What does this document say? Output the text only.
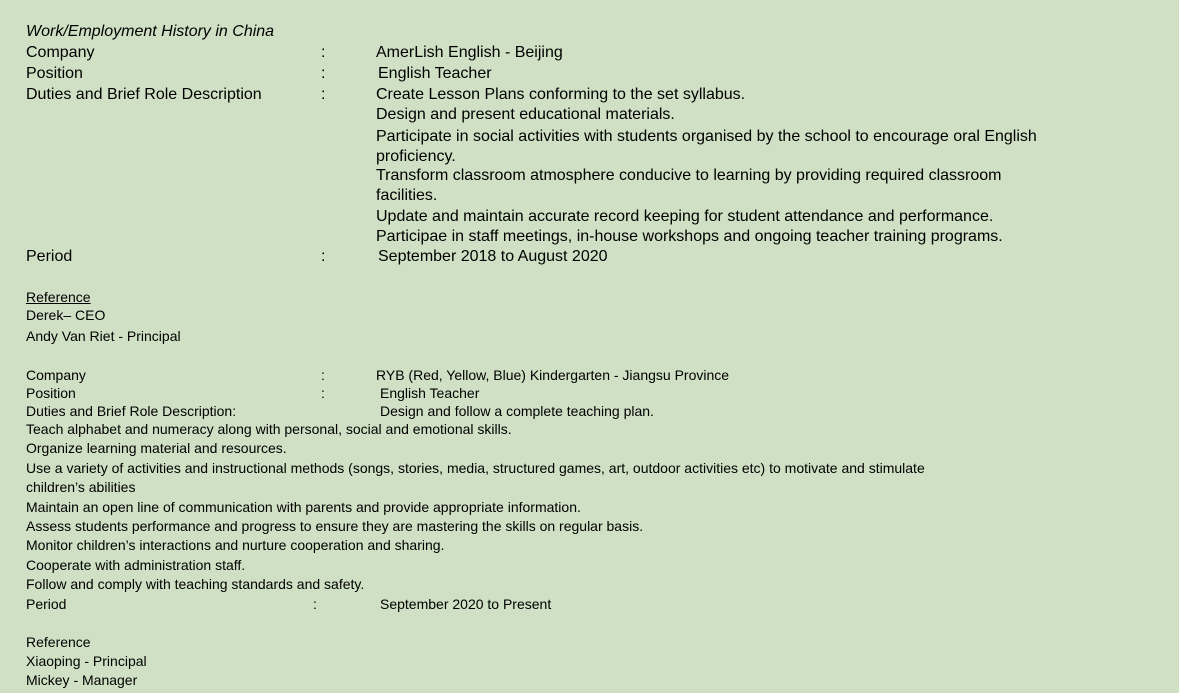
Work/Employment History in China
Company	:	AmerLish English - Beijing
Position	:	English Teacher
Duties and Brief Role Description	:	Create Lesson Plans conforming to the set syllabus.
Design and present educational materials.
Participate in social activities with students organised by the school to encourage oral English
proficiency.
Transform classroom atmosphere conducive to learning by providing required classroom
facilities.
Update and maintain accurate record keeping for student attendance and performance.
Participae in staff meetings, in-house workshops and ongoing teacher training programs.
Period	:	September 2018 to August 2020
Reference
Derek– CEO
Andy Van Riet - Principal
Company	:	RYB (Red, Yellow, Blue) Kindergarten - Jiangsu Province
Position	:	English Teacher
Duties and Brief Role Description:	Design and follow a complete teaching plan.
Teach alphabet and numeracy along with personal, social and emotional skills.
Organize learning material and resources.
Use a variety of activities and instructional methods (songs, stories, media, structured games, art, outdoor activities etc) to motivate and stimulate
children’s abilities
Maintain an open line of communication with parents and provide appropriate information.
Assess students performance and progress to ensure they are mastering the skills on regular basis.
Monitor children’s interactions and nurture cooperation and sharing.
Cooperate with administration staff.
Follow and comply with teaching standards and safety.
Period	:	September 2020 to Present
Reference
Xiaoping - Principal
Mickey - Manager
